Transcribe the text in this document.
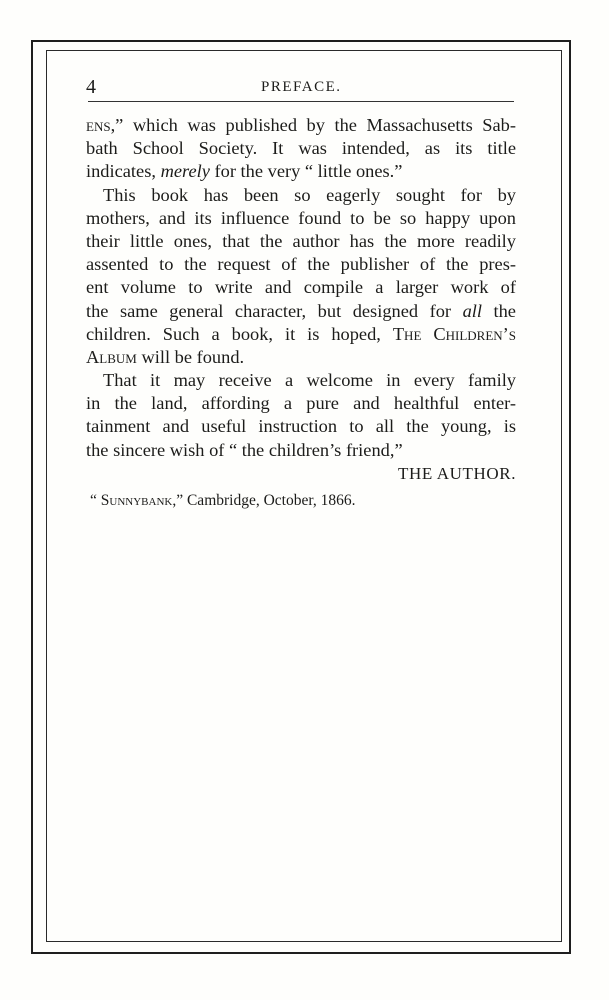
4	PREFACE.
ens,” which was published by the Massachusetts Sab-
bath School Society. It was intended, as its title
indicates, merely for the very “ little ones.”
This book has been so eagerly sought for by
mothers, and its influence found to be so happy upon
their little ones, that the author has the more readily
assented to the request of the publisher of the pres-
ent volume to write and compile a larger work of
the same general character, but designed for all the
children. Such a book, it is hoped, The Children’s
Album will be found.
That it may receive a welcome in every family
in the land, affording a pure and healthful enter-
tainment and useful instruction to all the young, is
the sincere wish of “ the children’s friend,”
THE AUTHOR.
“ Sunnybank,” Cambridge, October, 1866.
